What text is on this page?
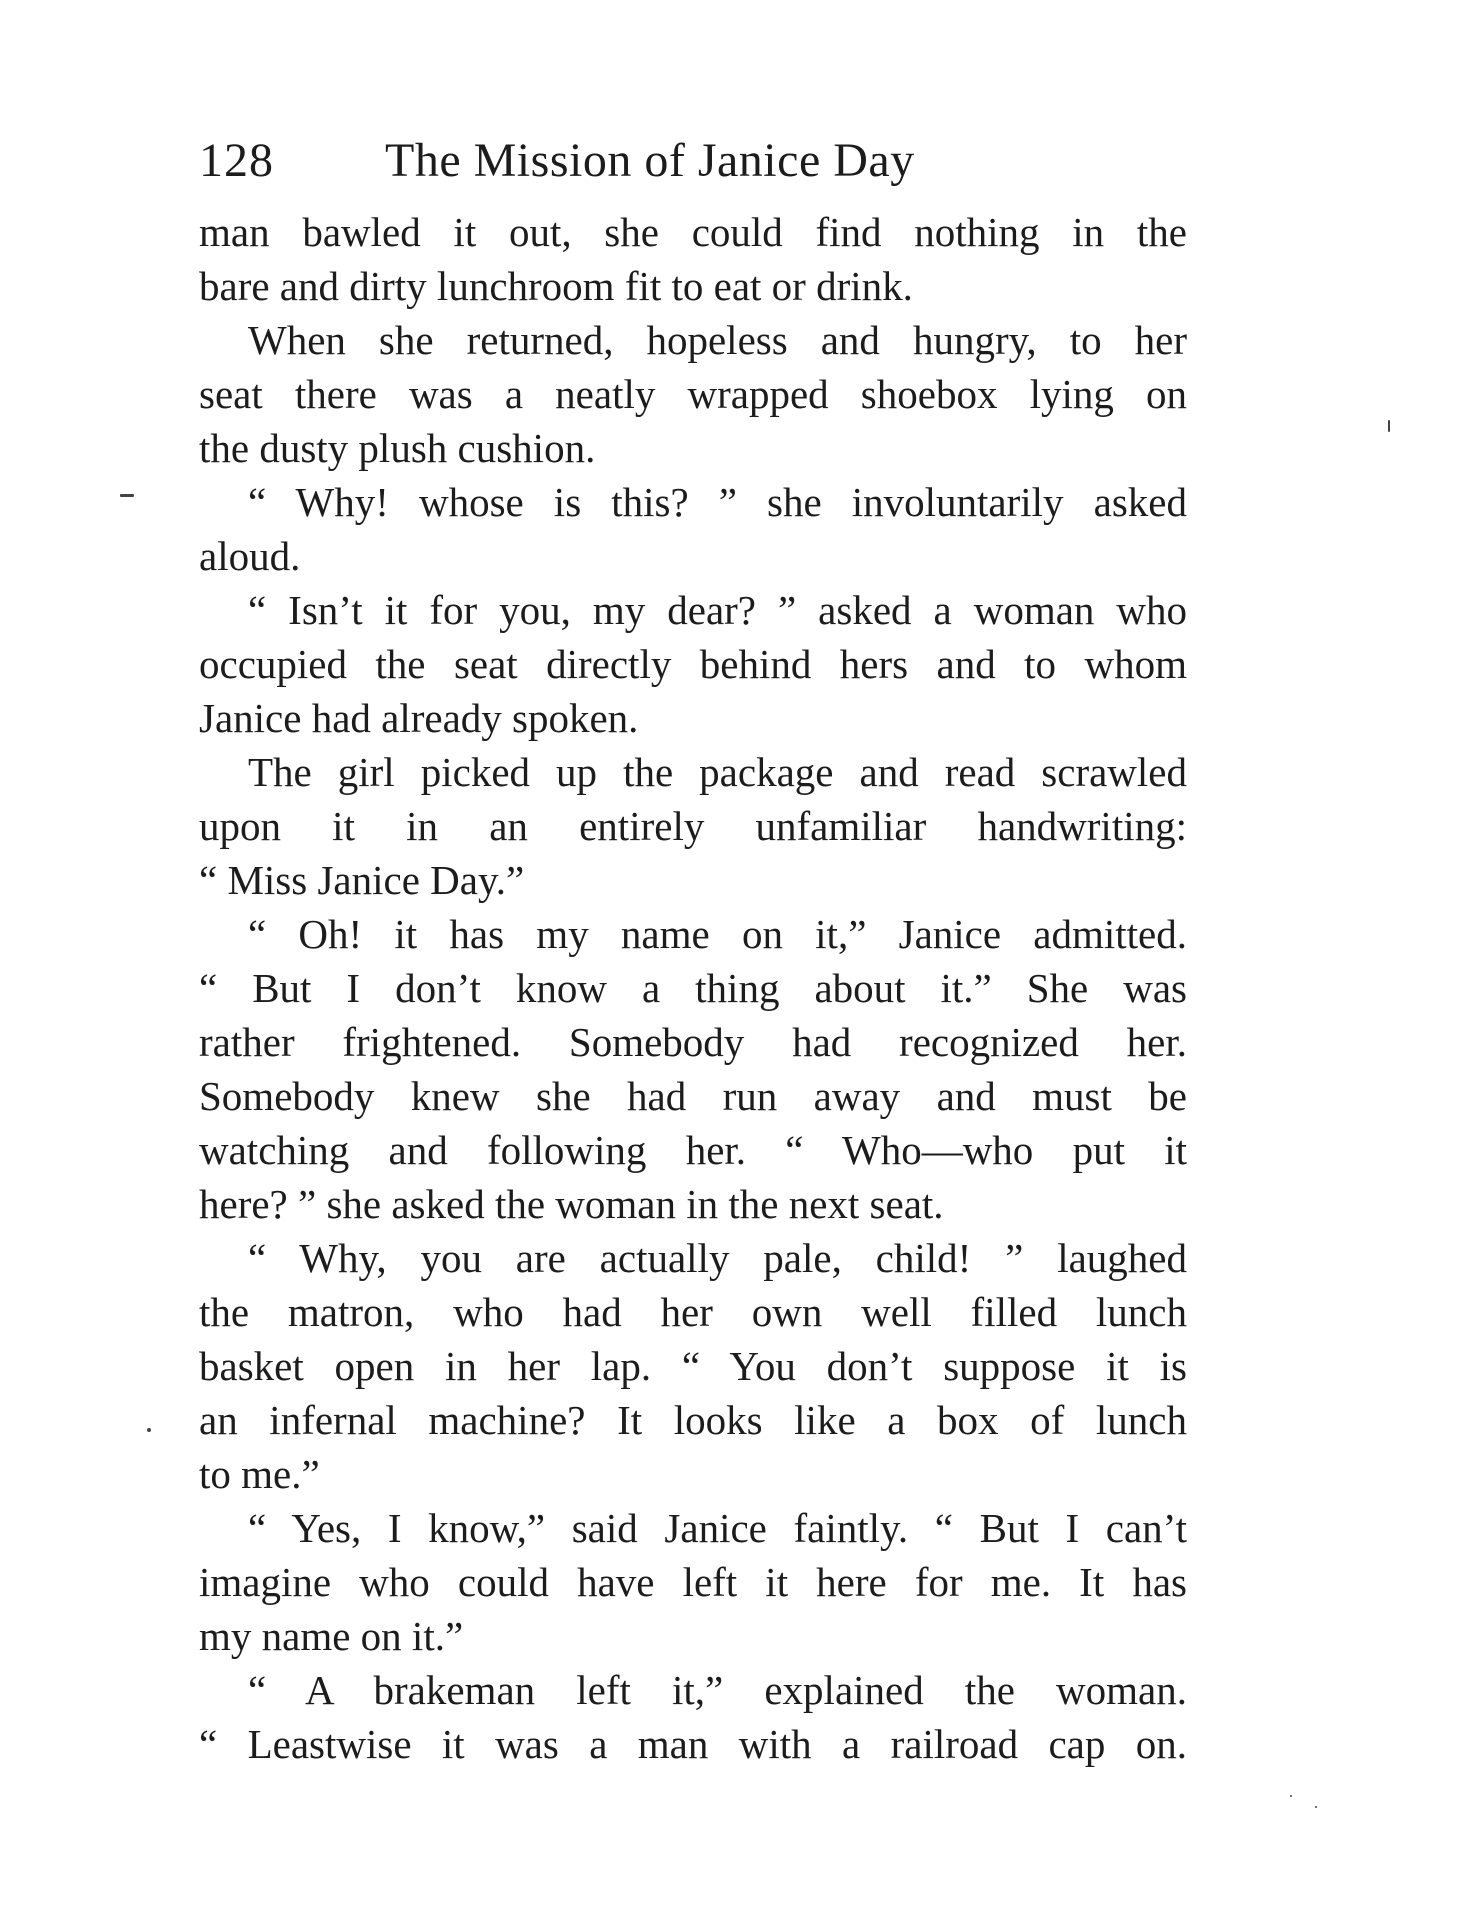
128 The Mission of Janice Day
man bawled it out, she could find nothing in the
bare and dirty lunchroom fit to eat or drink.
When she returned, hopeless and hungry, to her
seat there was a neatly wrapped shoebox lying on
the dusty plush cushion.
“ Why! whose is this? ” she involuntarily asked
aloud.
“ Isn’t it for you, my dear? ” asked a woman who
occupied the seat directly behind hers and to whom
Janice had already spoken.
The girl picked up the package and read scrawled
upon it in an entirely unfamiliar handwriting:
“ Miss Janice Day.”
“ Oh! it has my name on it,” Janice admitted.
“ But I don’t know a thing about it.” She was
rather frightened. Somebody had recognized her.
Somebody knew she had run away and must be
watching and following her. “ Who—who put it
here? ” she asked the woman in the next seat.
“ Why, you are actually pale, child! ” laughed
the matron, who had her own well filled lunch
basket open in her lap. “ You don’t suppose it is
an infernal machine? It looks like a box of lunch
to me.”
“ Yes, I know,” said Janice faintly. “ But I can’t
imagine who could have left it here for me. It has
my name on it.”
“ A brakeman left it,” explained the woman.
“ Leastwise it was a man with a railroad cap on.
